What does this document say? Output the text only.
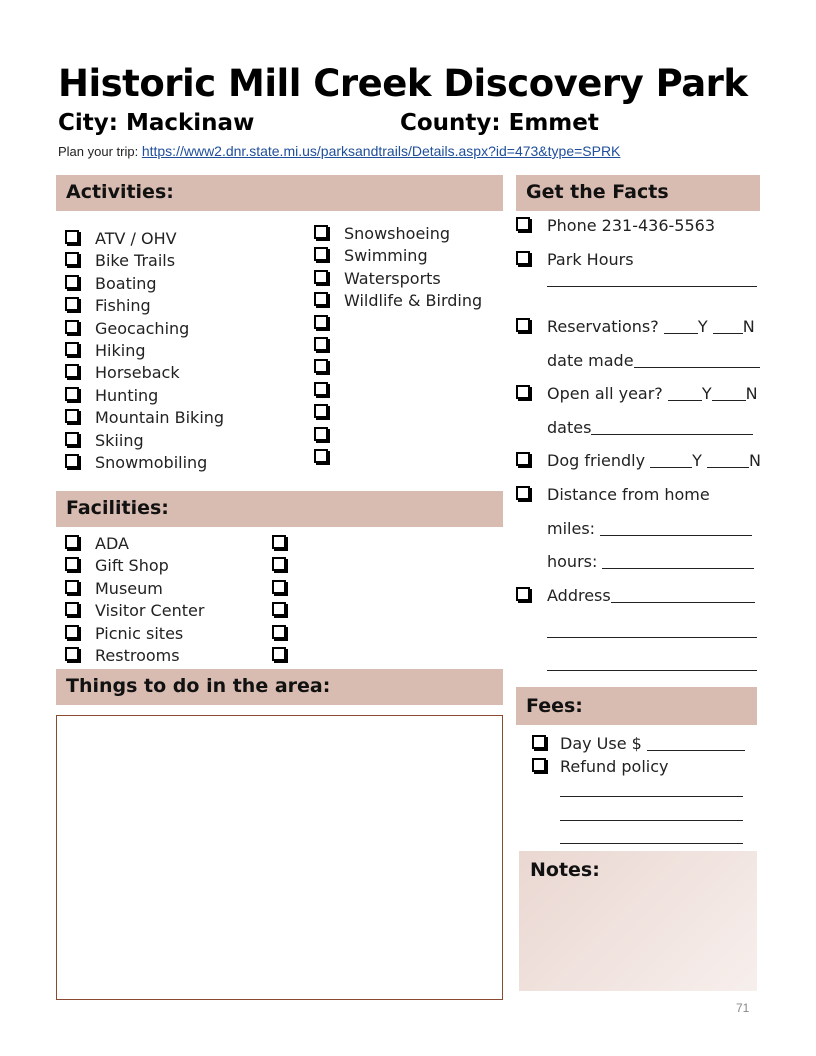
Historic Mill Creek Discovery Park
City: Mackinaw	County: Emmet
Plan your trip: https://www2.dnr.state.mi.us/parksandtrails/Details.aspx?id=473&type=SPRK
Activities:
ATV / OHV
Bike Trails
Boating
Fishing
Geocaching
Hiking
Horseback
Hunting
Mountain Biking
Skiing
Snowmobiling
Snowshoeing
Swimming
Watersports
Wildlife & Birding
Facilities:
ADA
Gift Shop
Museum
Visitor Center
Picnic sites
Restrooms
Things to do in the area:
Get the Facts
Phone 231-436-5563
Park Hours
Reservations? Y N
date made
Open all year? Y N
dates
Dog friendly	Y	N
Distance from home
miles:
hours:
Address
Fees:
Day Use $
Refund policy
Notes:
71
